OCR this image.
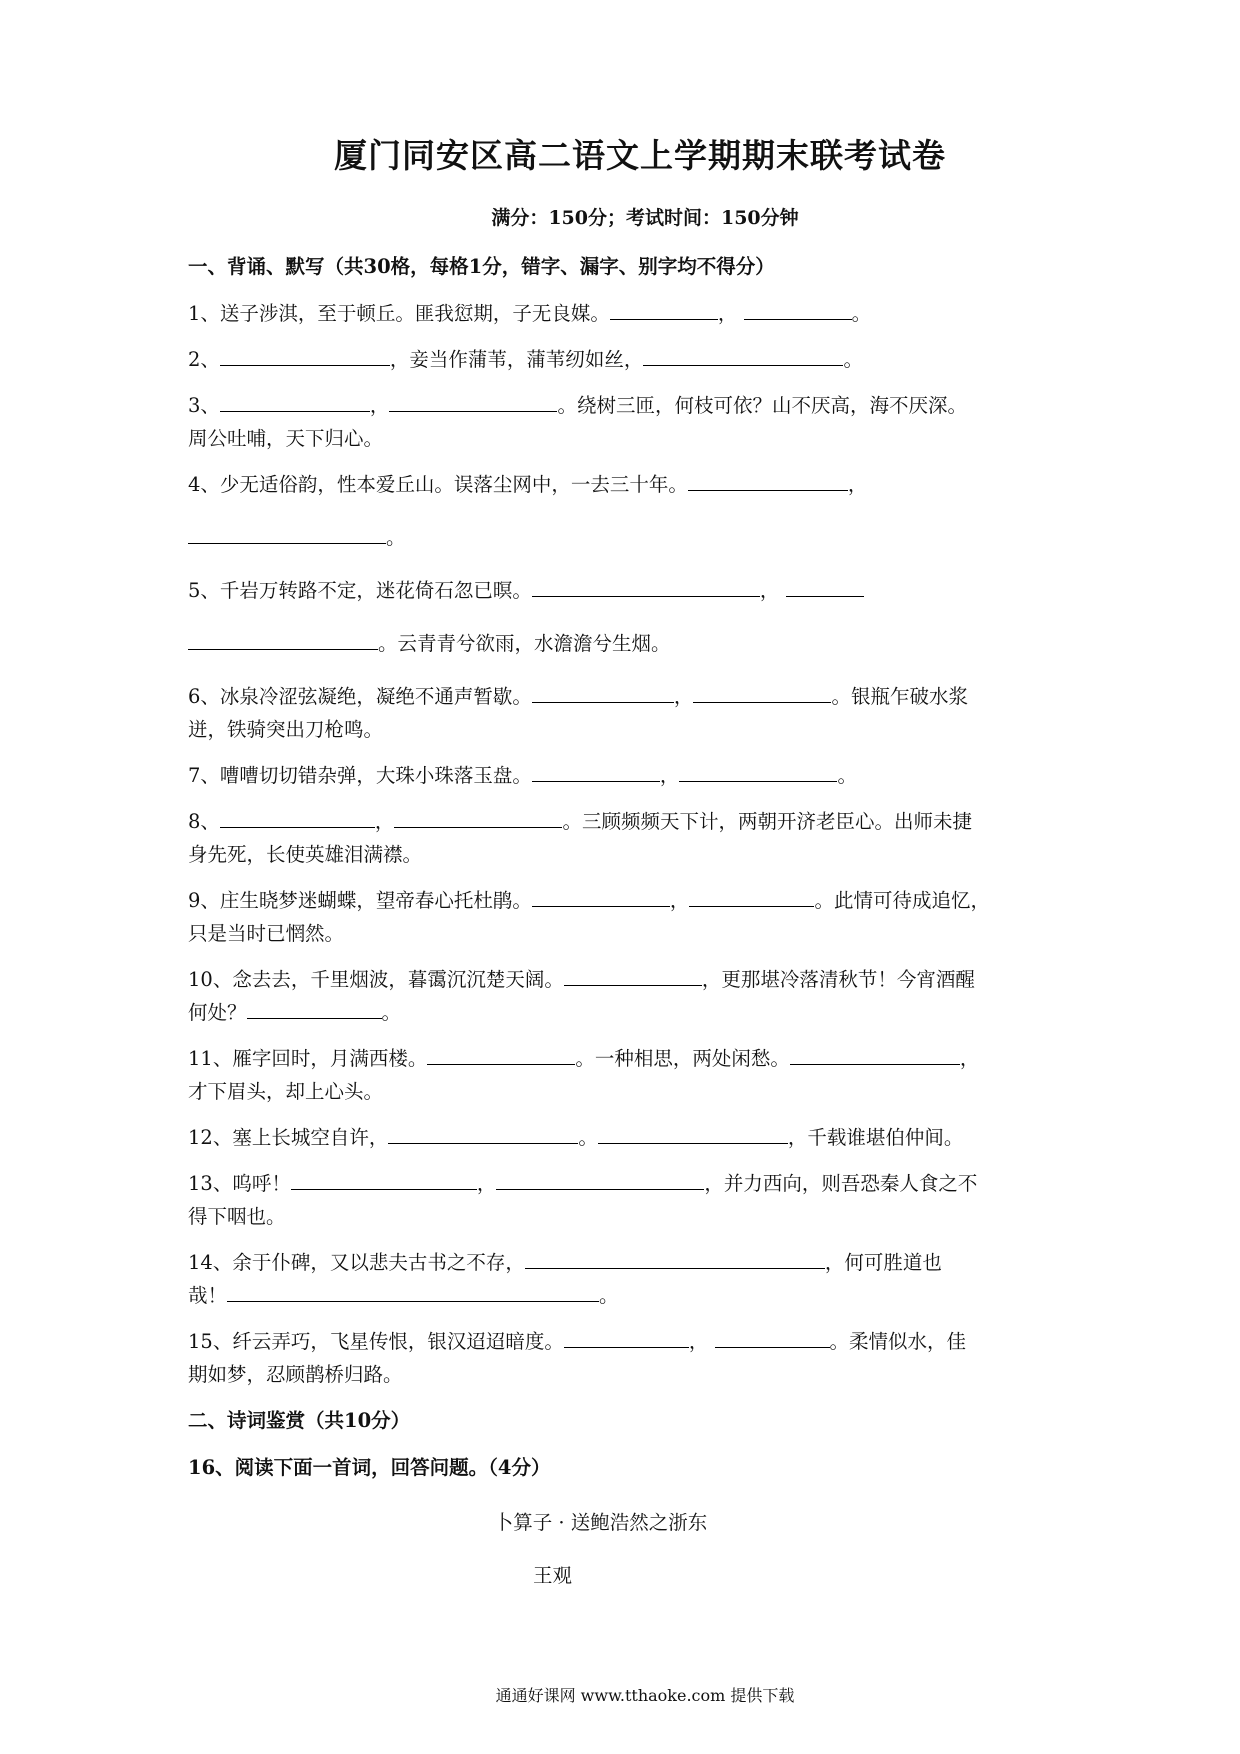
厦门同安区高二语文上学期期末联考试卷
满分：150分；考试时间：150分钟
一、背诵、默写（共30格，每格1分，错字、漏字、别字均不得分）
1、送子涉淇，至于顿丘。匪我愆期，子无良媒。	，	。
2、	，妾当作蒲苇，蒲苇纫如丝，	。
3、	，	。绕树三匝，何枝可依？山不厌高，海不厌深。
周公吐哺，天下归心。
4、少无适俗韵，性本爱丘山。误落尘网中，一去三十年。	，
。
5、千岩万转路不定，迷花倚石忽已暝。	，
。云青青兮欲雨，水澹澹兮生烟。
6、冰泉冷涩弦凝绝，凝绝不通声暂歇。	，	。银瓶乍破水浆
迸，铁骑突出刀枪鸣。
7、嘈嘈切切错杂弹，大珠小珠落玉盘。	，	。
8、	，	。三顾频频天下计，两朝开济老臣心。出师未捷
身先死，长使英雄泪满襟。
9、庄生晓梦迷蝴蝶，望帝春心托杜鹃。	，	。此情可待成追忆，
只是当时已惘然。
10、念去去，千里烟波，暮霭沉沉楚天阔。	，更那堪冷落清秋节！今宵酒醒
何处？	。
11、雁字回时，月满西楼。	。一种相思，两处闲愁。	，
才下眉头，却上心头。
12、塞上长城空自许，	。	，千载谁堪伯仲间。
13、呜呼！	，	，并力西向，则吾恐秦人食之不
得下咽也。
14、余于仆碑，又以悲夫古书之不存，	，何可胜道也
哉！	。
15、纤云弄巧，飞星传恨，银汉迢迢暗度。	，	。柔情似水，佳
期如梦，忍顾鹊桥归路。
二、诗词鉴赏（共10分）
16、阅读下面一首词，回答问题。（4分）
卜算子 · 送鲍浩然之浙东
王观
通通好课网 www.tthaoke.com 提供下载
